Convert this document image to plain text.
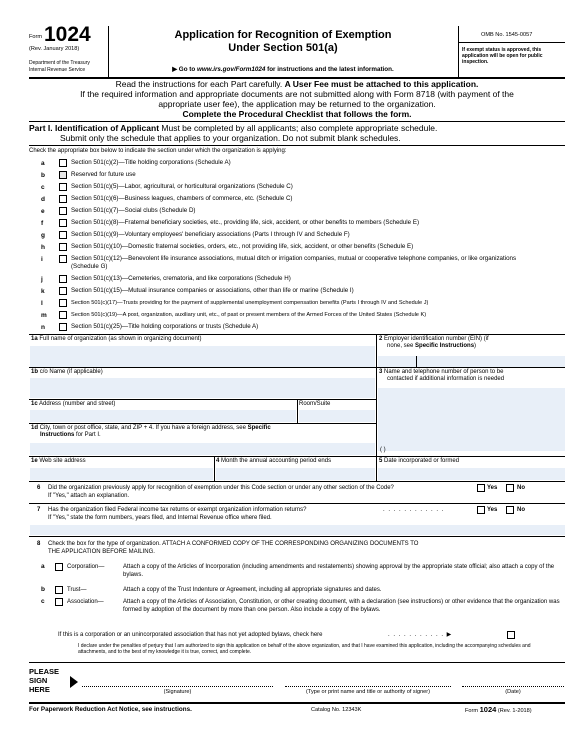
Form 1024
(Rev. January 2018)
Department of the Treasury
Internal Revenue Service
Application for Recognition of Exemption
Under Section 501(a)
▶ Go to www.irs.gov/Form1024 for instructions and the latest information.
OMB No. 1545-0057
If exempt status is approved, this application will be open for public inspection.
Read the instructions for each Part carefully. A User Fee must be attached to this application.
If the required information and appropriate documents are not submitted along with Form 8718 (with payment of the
appropriate user fee), the application may be returned to the organization.
Complete the Procedural Checklist that follows the form.
Part I. Identification of Applicant Must be completed by all applicants; also complete appropriate schedule.
Submit only the schedule that applies to your organization. Do not submit blank schedules.
Check the appropriate box below to indicate the section under which the organization is applying:
a	Section 501(c)(2)—Title holding corporations (Schedule A)
b	Reserved for future use
c	Section 501(c)(5)—Labor, agricultural, or horticultural organizations (Schedule C)
d	Section 501(c)(6)—Business leagues, chambers of commerce, etc. (Schedule C)
e	Section 501(c)(7)—Social clubs (Schedule D)
f	Section 501(c)(8)—Fraternal beneficiary societies, etc., providing life, sick, accident, or other benefits to members (Schedule E)
g	Section 501(c)(9)—Voluntary employees' beneficiary associations (Parts I through IV and Schedule F)
h	Section 501(c)(10)—Domestic fraternal societies, orders, etc., not providing life, sick, accident, or other benefits (Schedule E)
i	Section 501(c)(12)—Benevolent life insurance associations, mutual ditch or irrigation companies, mutual or cooperative telephone companies, or like organizations (Schedule G)
j	Section 501(c)(13)—Cemeteries, crematoria, and like corporations (Schedule H)
k	Section 501(c)(15)—Mutual insurance companies or associations, other than life or marine (Schedule I)
l	Section 501(c)(17)—Trusts providing for the payment of supplemental unemployment compensation benefits (Parts I through IV and Schedule J)
m	Section 501(c)(19)—A post, organization, auxiliary unit, etc., of past or present members of the Armed Forces of the United States (Schedule K)
n	Section 501(c)(25)—Title holding corporations or trusts (Schedule A)
1a Full name of organization (as shown in organizing document)	2 Employer identification number (EIN) (if
none, see Specific Instructions)
1b c/o Name (if applicable)	3 Name and telephone number of person to be
contacted if additional information is needed
1c Address (number and street)	Room/Suite
1d City, town or post office, state, and ZIP + 4. If you have a foreign address, see Specific
Instructions for Part I.
( )
1e Web site address	4 Month the annual accounting period ends	5 Date incorporated or formed
6 Did the organization previously apply for recognition of exemption under this Code section or under any other section of the Code?
If "Yes," attach an explanation.
Yes	No
7 Has the organization filed Federal income tax returns or exempt organization information returns?	. . . . . . . . . . . .
If "Yes," state the form numbers, years filed, and Internal Revenue office where filed.
Yes	No
8 Check the box for the type of organization. ATTACH A CONFORMED COPY OF THE CORRESPONDING ORGANIZING DOCUMENTS TO
THE APPLICATION BEFORE MAILING.
a	Corporation—	Attach a copy of the Articles of Incorporation (including amendments and restatements) showing approval by the appropriate state official; also attach a copy of the bylaws.
b	Trust—	Attach a copy of the Trust Indenture or Agreement, including all appropriate signatures and dates.
c	Association—	Attach a copy of the Articles of Association, Constitution, or other creating document, with a declaration (see instructions) or other evidence that the organization was formed by adoption of the document by more than one person. Also include a copy of the bylaws.
If this is a corporation or an unincorporated association that has not yet adopted bylaws, check here	. . . . . . . . . . . ▶
I declare under the penalties of perjury that I am authorized to sign this application on behalf of the above organization, and that I have examined this application, including the accompanying schedules and attachments, and to the best of my knowledge it is true, correct, and complete.
PLEASE
SIGN
HERE	(Signature)	(Type or print name and title or authority of signer)	(Date)
For Paperwork Reduction Act Notice, see instructions.	Catalog No. 12343K	Form 1024 (Rev. 1-2018)
